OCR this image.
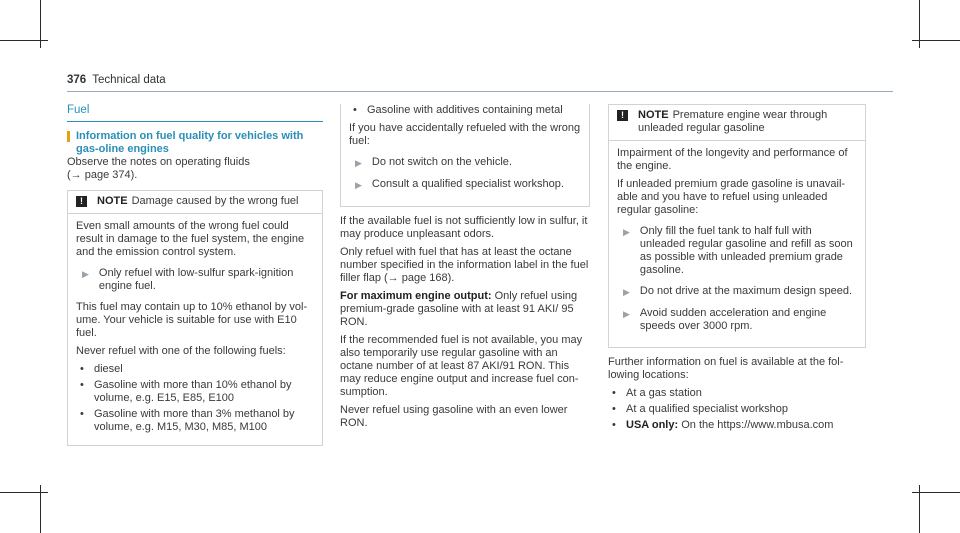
376 Technical data
Fuel
Information on fuel quality for vehicles with gas-oline engines

Observe the notes on operating fluids

(→ page 374).

!	NOTE Damage caused by the wrong fuel

Even small amounts of the wrong fuel could result in damage to the fuel system, the engine and the emission control system.

▶ Only refuel with low-sulfur spark-ignition engine fuel.

This fuel may contain up to 10% ethanol by vol-ume. Your vehicle is suitable for use with E10 fuel.

Never refuel with one of the following fuels:

• diesel
• Gasoline with more than 10% ethanol by volume, e.g. E15, E85, E100
• Gasoline with more than 3% methanol by volume, e.g. M15, M30, M85, M100
• Gasoline with additives containing metal

If you have accidentally refueled with the wrong fuel:

▶ Do not switch on the vehicle.
▶ Consult a qualified specialist workshop.

If the available fuel is not sufficiently low in sulfur, it may produce unpleasant odors.

Only refuel with fuel that has at least the octane number specified in the information label in the fuel filler flap (→ page 168).

For maximum engine output: Only refuel using premium-grade gasoline with at least 91 AKI/ 95 RON.

If the recommended fuel is not available, you may also temporarily use regular gasoline with an octane number of at least 87 AKI/91 RON. This may reduce engine output and increase fuel con-sumption.

Never refuel using gasoline with an even lower RON.

!	NOTE Premature engine wear through unleaded regular gasoline

Impairment of the longevity and performance of the engine.

If unleaded premium grade gasoline is unavail-able and you have to refuel using unleaded regular gasoline:

▶ Only fill the fuel tank to half full with unleaded regular gasoline and refill as soon as possible with unleaded premium grade gasoline.
▶ Do not drive at the maximum design speed.
▶ Avoid sudden acceleration and engine speeds over 3000 rpm.

Further information on fuel is available at the fol-lowing locations:

• At a gas station
• At a qualified specialist workshop
• USA only: On the https://www.mbusa.com
